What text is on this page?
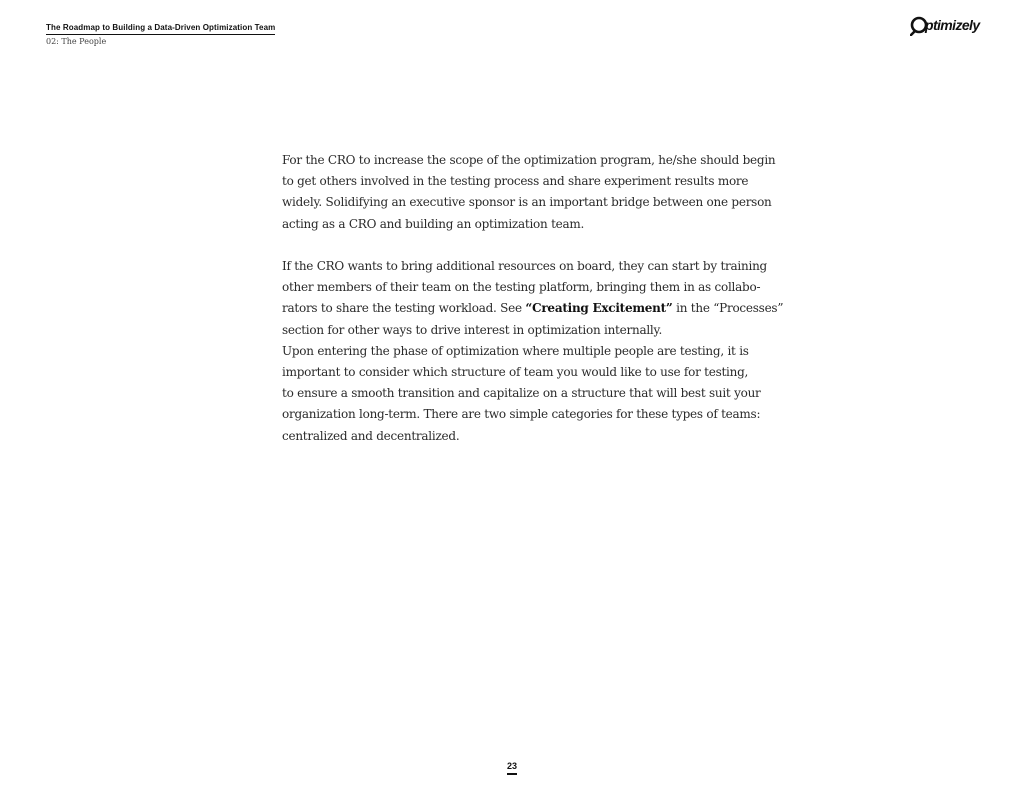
The Roadmap to Building a Data-Driven Optimization Team
02: The People
ptimizely
For the CRO to increase the scope of the optimization program, he/she should begin
to get others involved in the testing process and share experiment results more
widely. Solidifying an executive sponsor is an important bridge between one person
acting as a CRO and building an optimization team.
If the CRO wants to bring additional resources on board, they can start by training
other members of their team on the testing platform, bringing them in as collabo-
rators to share the testing workload. See “Creating Excitement” in the “Processes”
section for other ways to drive interest in optimization internally.
Upon entering the phase of optimization where multiple people are testing, it is
important to consider which structure of team you would like to use for testing,
to ensure a smooth transition and capitalize on a structure that will best suit your
organization long-term. There are two simple categories for these types of teams:
centralized and decentralized.
23
